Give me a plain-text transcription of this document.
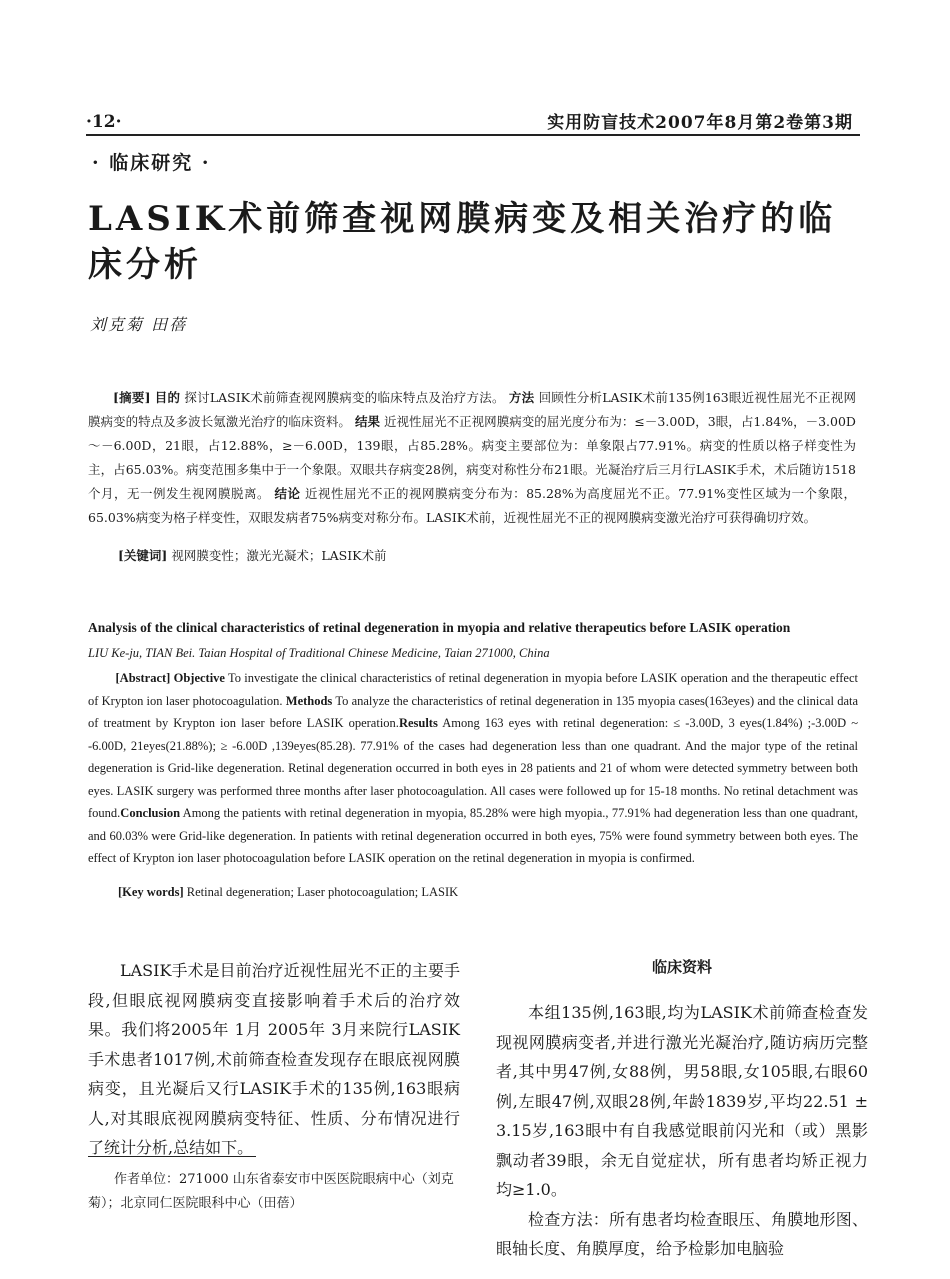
·12·	实用防盲技术2007年8月第2卷第3期
· 临床研究 ·
LASIK术前筛查视网膜病变及相关治疗的临床分析
刘克菊 田蓓
[摘要] 目的 探讨LASIK术前筛查视网膜病变的临床特点及治疗方法。 方法 回顾性分析LASIK术前135例163眼近视性屈光不正视网膜病变的特点及多波长氪激光治疗的临床资料。 结果 近视性屈光不正视网膜病变的屈光度分布为：≤－3.00D，3眼，占1.84%，－3.00D～－6.00D，21眼，占12.88%，≥－6.00D，139眼，占85.28%。病变主要部位为：单象限占77.91%。病变的性质以格子样变性为主，占65.03%。病变范围多集中于一个象限。双眼共存病变28例，病变对称性分布21眼。光凝治疗后三月行LASIK手术，术后随访1518个月，无一例发生视网膜脱离。 结论 近视性屈光不正的视网膜病变分布为：85.28%为高度屈光不正。77.91%变性区域为一个象限，65.03%病变为格子样变性，双眼发病者75%病变对称分布。LASIK术前，近视性屈光不正的视网膜病变激光治疗可获得确切疗效。
[关键词] 视网膜变性；激光光凝术；LASIK术前
Analysis of the clinical characteristics of retinal degeneration in myopia and relative therapeutics before LASIK operation
LIU Ke-ju, TIAN Bei. Taian Hospital of Traditional Chinese Medicine, Taian 271000, China
[Abstract] Objective To investigate the clinical characteristics of retinal degeneration in myopia before LASIK operation and the therapeutic effect of Krypton ion laser photocoagulation. Methods To analyze the characteristics of retinal degeneration in 135 myopia cases(163eyes) and the clinical data of treatment by Krypton ion laser before LASIK operation.Results Among 163 eyes with retinal degeneration: ≤ -3.00D, 3 eyes(1.84%) ;-3.00D ~ -6.00D, 21eyes(21.88%); ≥ -6.00D ,139eyes(85.28). 77.91% of the cases had degeneration less than one quadrant. And the major type of the retinal degeneration is Grid-like degeneration. Retinal degeneration occurred in both eyes in 28 patients and 21 of whom were detected symmetry between both eyes. LASIK surgery was performed three months after laser photocoagulation. All cases were followed up for 15-18 months. No retinal detachment was found.Conclusion Among the patients with retinal degeneration in myopia, 85.28% were high myopia., 77.91% had degeneration less than one quadrant, and 60.03% were Grid-like degeneration. In patients with retinal degeneration occurred in both eyes, 75% were found symmetry between both eyes. The effect of Krypton ion laser photocoagulation before LASIK operation on the retinal degeneration in myopia is confirmed.
[Key words] Retinal degeneration; Laser photocoagulation; LASIK
LASIK手术是目前治疗近视性屈光不正的主要手段,但眼底视网膜病变直接影响着手术后的治疗效果。我们将2005年 1月 2005年 3月来院行LASIK手术患者1017例,术前筛查检查发现存在眼底视网膜病变，且光凝后又行LASIK手术的135例,163眼病人,对其眼底视网膜病变特征、性质、分布情况进行了统计分析,总结如下。
作者单位：271000 山东省泰安市中医医院眼病中心（刘克菊）；北京同仁医院眼科中心（田蓓）
临床资料

本组135例,163眼,均为LASIK术前筛查检查发现视网膜病变者,并进行激光光凝治疗,随访病历完整者,其中男47例,女88例，男58眼,女105眼,右眼60例,左眼47例,双眼28例,年龄1839岁,平均22.51 ± 3.15岁,163眼中有自我感觉眼前闪光和（或）黑影飘动者39眼，余无自觉症状，所有患者均矫正视力均≥1.0。

检查方法：所有患者均检查眼压、角膜地形图、眼轴长度、角膜厚度，给予检影加电脑验
